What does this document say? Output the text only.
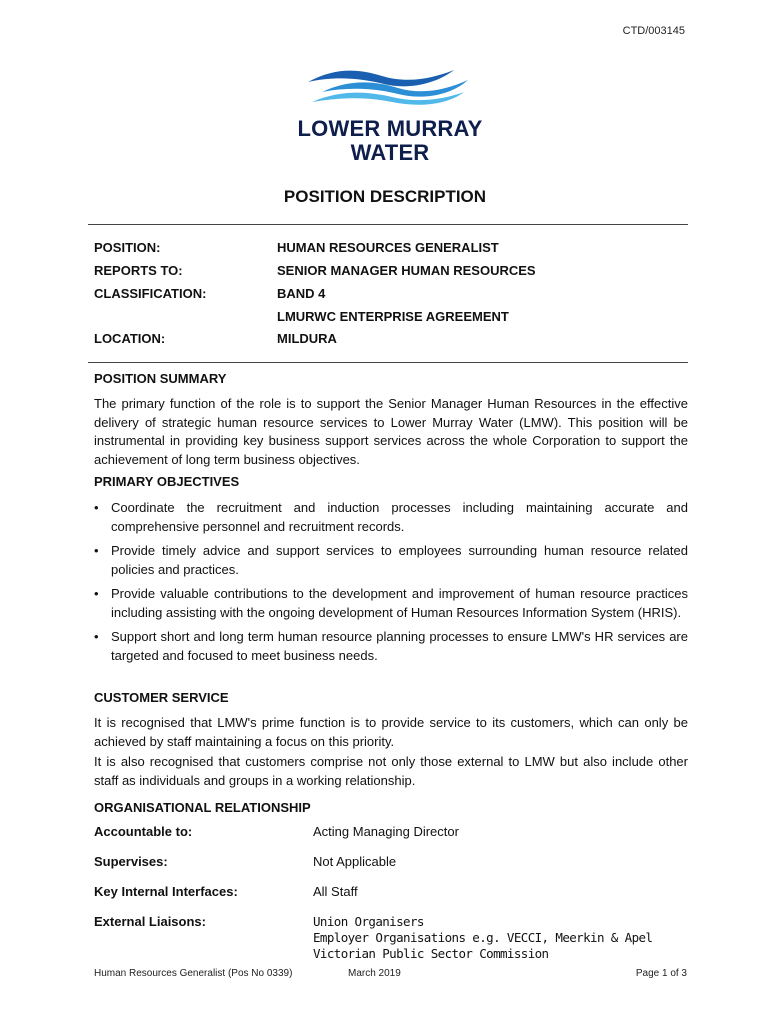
CTD/003145
LOWER MURRAY
WATER
POSITION DESCRIPTION
POSITION:	HUMAN RESOURCES GENERALIST
REPORTS TO:	SENIOR MANAGER HUMAN RESOURCES
CLASSIFICATION:	BAND 4
LMURWC ENTERPRISE AGREEMENT
LOCATION:	MILDURA
POSITION SUMMARY
The primary function of the role is to support the Senior Manager Human Resources in the effective delivery of strategic human resource services to Lower Murray Water (LMW). This position will be instrumental in providing key business support services across the whole Corporation to support the achievement of long term business objectives.
PRIMARY OBJECTIVES
• Coordinate the recruitment and induction processes including maintaining accurate and comprehensive personnel and recruitment records.
• Provide timely advice and support services to employees surrounding human resource related policies and practices.
• Provide valuable contributions to the development and improvement of human resource practices including assisting with the ongoing development of Human Resources Information System (HRIS).
• Support short and long term human resource planning processes to ensure LMW's HR services are targeted and focused to meet business needs.
CUSTOMER SERVICE
It is recognised that LMW's prime function is to provide service to its customers, which can only be achieved by staff maintaining a focus on this priority.
It is also recognised that customers comprise not only those external to LMW but also include other staff as individuals and groups in a working relationship.
ORGANISATIONAL RELATIONSHIP
Accountable to:	Acting Managing Director
Supervises:	Not Applicable
Key Internal Interfaces:	All Staff
External Liaisons:	Union Organisers
Employer Organisations e.g. VECCI, Meerkin & Apel
Victorian Public Sector Commission
Human Resources Generalist (Pos No 0339)	March 2019	Page 1 of 3
